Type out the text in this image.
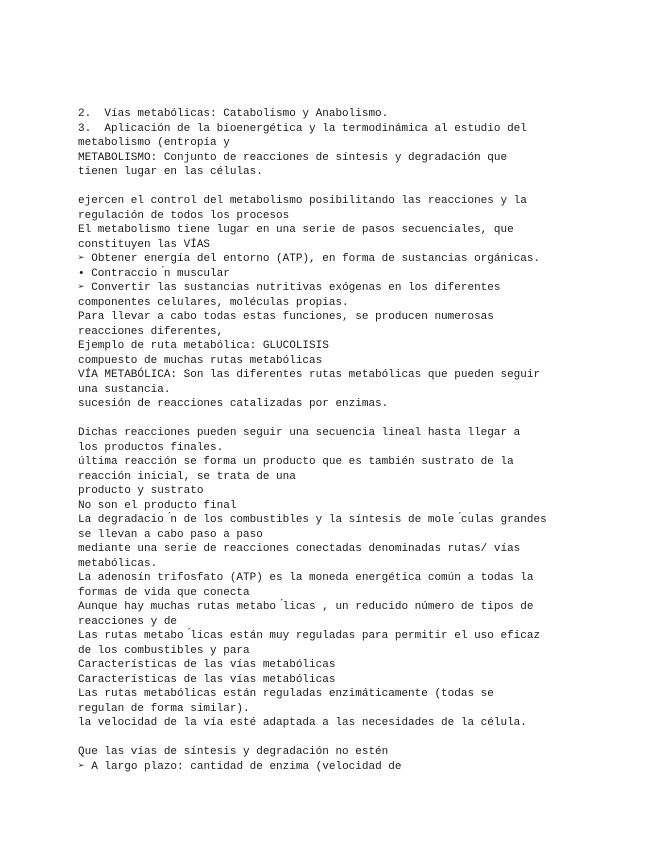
2.  Vías metabólicas: Catabolismo y Anabolismo.
3.  Aplicación de la bioenergética y la termodinámica al estudio del
metabolismo (entropía y
METABOLISMO: Conjunto de reacciones de síntesis y degradación que
tienen lugar en las células.
ejercen el control del metabolismo posibilitando las reacciones y la
regulación de todos los procesos
El metabolismo tiene lugar en una serie de pasos secuenciales, que
constituyen las VÍAS
➢ Obtener energía del entorno (ATP), en forma de sustancias orgánicas.
• Contraccio ́n muscular
➢ Convertir las sustancias nutritivas exógenas en los diferentes
componentes celulares, moléculas propias.
Para llevar a cabo todas estas funciones, se producen numerosas
reacciones diferentes,
Ejemplo de ruta metabólica: GLUCOLISIS
compuesto de muchas rutas metabólicas
VÍA METABÓLICA: Son las diferentes rutas metabólicas que pueden seguir
una sustancia.
sucesión de reacciones catalizadas por enzimas.
Dichas reacciones pueden seguir una secuencia lineal hasta llegar a
los productos finales.
última reacción se forma un producto que es también sustrato de la
reacción inicial, se trata de una
producto y sustrato
No son el producto final
La degradacio ́n de los combustibles y la síntesis de mole ́culas grandes
se llevan a cabo paso a paso
mediante una serie de reacciones conectadas denominadas rutas/ vías
metabólicas.
La adenosín trifosfato (ATP) es la moneda energética común a todas la
formas de vida que conecta
Aunque hay muchas rutas metabo ́licas , un reducido número de tipos de
reacciones y de
Las rutas metabo ́licas están muy reguladas para permitir el uso eficaz
de los combustibles y para
Características de las vías metabólicas
Características de las vías metabólicas
Las rutas metabólicas están reguladas enzimáticamente (todas se
regulan de forma similar).
la velocidad de la vía esté adaptada a las necesidades de la célula.
Que las vías de síntesis y degradación no estén
➢ A largo plazo: cantidad de enzima (velocidad de
